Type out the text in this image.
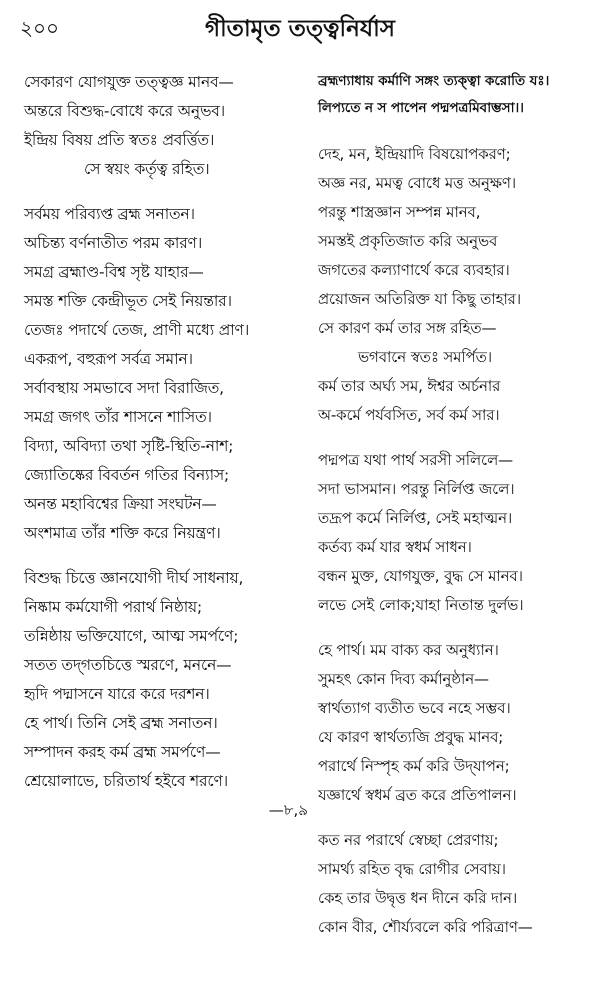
২০০	গীতামৃত তত্ত্বনির্যাস
সেকারণ যোগযুক্ত তত্ত্বজ্ঞ মানব—
অন্তরে বিশুদ্ধ-বোধে করে অনুভব।
ইন্দ্রিয় বিষয় প্রতি স্বতঃ প্রবর্ত্তিত।
সে স্বয়ং কর্তৃত্ব রহিত।
সর্বময় পরিব্যপ্ত ব্রহ্ম সনাতন।
অচিন্ত্য বর্ণনাতীত পরম কারণ।
সমগ্র ব্রহ্মাণ্ড-বিশ্ব সৃষ্ট যাহার—
সমস্ত শক্তি কেন্দ্রীভূত সেই নিয়ন্তার।
তেজঃ পদার্থে তেজ, প্রাণী মধ্যে প্রাণ।
একরূপ, বহুরূপ সর্বত্র সমান।
সর্বাবস্থায় সমভাবে সদা বিরাজিত,
সমগ্র জগৎ তাঁর শাসনে শাসিত।
বিদ্যা, অবিদ্যা তথা সৃষ্টি-স্থিতি-নাশ;
জ্যোতিষ্কের বিবর্তন গতির বিন্যাস;
অনন্ত মহাবিশ্বের ক্রিয়া সংঘটন—
অংশমাত্র তাঁর শক্তি করে নিয়ন্ত্রণ।
বিশুদ্ধ চিত্তে জ্ঞানযোগী দীর্ঘ সাধনায়,
নিষ্কাম কর্মযোগী পরার্থ নিষ্ঠায়;
তন্নিষ্ঠায় ভক্তিযোগে, আত্ম সমর্পণে;
সতত তদ্‌গতচিত্তে স্মরণে, মননে—
হৃদি পদ্মাসনে যারে করে দরশন।
হে পার্থ। তিনি সেই ব্রহ্ম সনাতন।
সম্পাদন করহ কর্ম ব্রহ্ম সমর্পণে—
শ্রেয়োলাভে, চরিতার্থ হইবে শরণে।
—৮,৯
ব্রহ্মণ্যাধায় কর্মাণি সঙ্গং ত্যক্ত্বা করোতি যঃ।
লিপ্যতে ন স পাপেন পদ্মপত্রমিবাম্ভসা।।
দেহ, মন, ইন্দ্রিয়াদি বিষয়োপকরণ;
অজ্ঞ নর, মমত্ব বোধে মত্ত অনুক্ষণ।
পরন্তু শাস্ত্রজ্ঞান সম্পন্ন মানব,
সমস্তই প্রকৃতিজাত করি অনুভব
জগতের কল্যাণার্থে করে ব্যবহার।
প্রয়োজন অতিরিক্ত যা কিছু তাহার।
সে কারণ কর্ম তার সঙ্গ রহিত—
ভগবানে স্বতঃ সমর্পিত।
কর্ম তার অর্ঘ্য সম, ঈশ্বর অর্চনার
অ-কর্মে পর্যবসিত, সর্ব কর্ম সার।
পদ্মপত্র যথা পার্থ সরসী সলিলে—
সদা ভাসমান। পরন্তু নির্লিপ্ত জলে।
তদ্রূপ কর্মে নির্লিপ্ত, সেই মহাত্মন।
কর্তব্য কর্ম যার স্বধর্ম সাধন।
বন্ধন মুক্ত, যোগযুক্ত, বুদ্ধ সে মানব।
লভে সেই লোক;যাহা নিতান্ত দুর্লভ।
হে পার্থ। মম বাক্য কর অনুধ্যান।
সুমহৎ কোন দিব্য কর্মানুষ্ঠান—
স্বার্থত্যাগ ব্যতীত ভবে নহে সম্ভব।
যে কারণ স্বার্থত্যজি প্রবুদ্ধ মানব;
পরার্থে নিস্পৃহ কর্ম করি উদ্‌যাপন;
যজ্ঞার্থে স্বধর্ম ব্রত করে প্রতিপালন।
কত নর পরার্থে স্বেচ্ছা প্রেরণায়;
সামর্থ্য রহিত বৃদ্ধ রোগীর সেবায়।
কেহ তার উদ্বৃত্ত ধন দীনে করি দান।
কোন বীর, শৌর্য্যবলে করি পরিত্রাণ—
